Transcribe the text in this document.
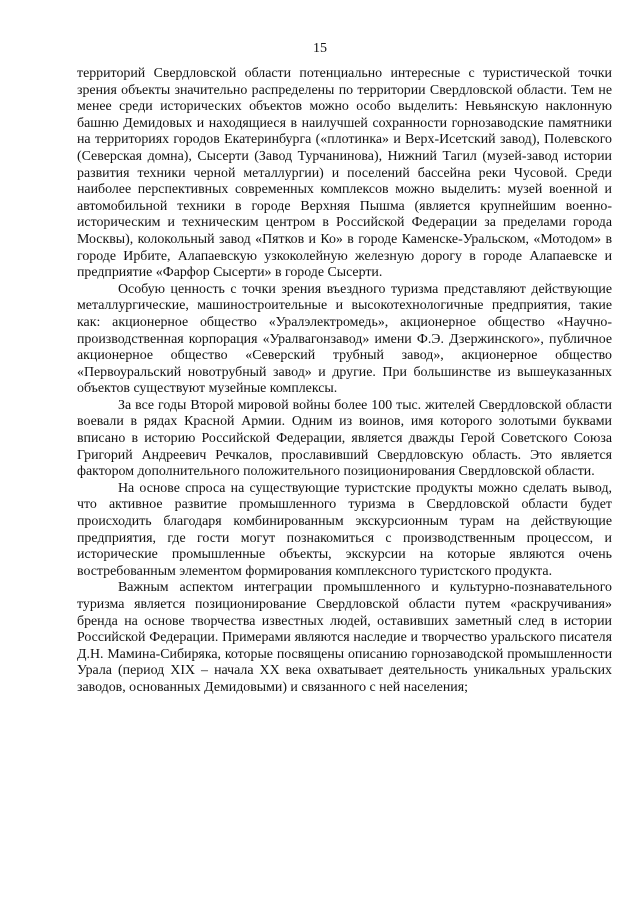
15

территорий Свердловской области потенциально интересные с туристической точки зрения объекты значительно распределены по территории Свердловской области. Тем не менее среди исторических объектов можно особо выделить: Невьянскую наклонную башню Демидовых и находящиеся в наилучшей сохранности горнозаводские памятники на территориях городов Екатеринбурга («плотинка» и Верх-Исетский завод), Полевского (Северская домна), Сысерти (Завод Турчанинова), Нижний Тагил (музей-завод истории развития техники черной металлургии) и поселений бассейна реки Чусовой. Среди наиболее перспективных современных комплексов можно выделить: музей военной и автомобильной техники в городе Верхняя Пышма (является крупнейшим военно-историческим и техническим центром в Российской Федерации за пределами города Москвы), колокольный завод «Пятков и Ко» в городе Каменске-Уральском, «Мотодом» в городе Ирбите, Алапаевскую узкоколейную железную дорогу в городе Алапаевске и предприятие «Фарфор Сысерти» в городе Сысерти.

Особую ценность с точки зрения въездного туризма представляют действующие металлургические, машиностроительные и высокотехнологичные предприятия, такие как: акционерное общество «Уралэлектромедь», акционерное общество «Научно-производственная корпорация «Уралвагонзавод» имени Ф.Э. Дзержинского», публичное акционерное общество «Северский трубный завод», акционерное общество «Первоуральский новотрубный завод» и другие. При большинстве из вышеуказанных объектов существуют музейные комплексы.

За все годы Второй мировой войны более 100 тыс. жителей Свердловской области воевали в рядах Красной Армии. Одним из воинов, имя которого золотыми буквами вписано в историю Российской Федерации, является дважды Герой Советского Союза Григорий Андреевич Речкалов, прославивший Свердловскую область. Это является фактором дополнительного положительного позиционирования Свердловской области.

На основе спроса на существующие туристские продукты можно сделать вывод, что активное развитие промышленного туризма в Свердловской области будет происходить благодаря комбинированным экскурсионным турам на действующие предприятия, где гости могут познакомиться с производственным процессом, и исторические промышленные объекты, экскурсии на которые являются очень востребованным элементом формирования комплексного туристского продукта.

Важным аспектом интеграции промышленного и культурно-познавательного туризма является позиционирование Свердловской области путем «раскручивания» бренда на основе творчества известных людей, оставивших заметный след в истории Российской Федерации. Примерами являются наследие и творчество уральского писателя Д.Н. Мамина-Сибиряка, которые посвящены описанию горнозаводской промышленности Урала (период XIX – начала XX века охватывает деятельность уникальных уральских заводов, основанных Демидовыми) и связанного с ней населения;
